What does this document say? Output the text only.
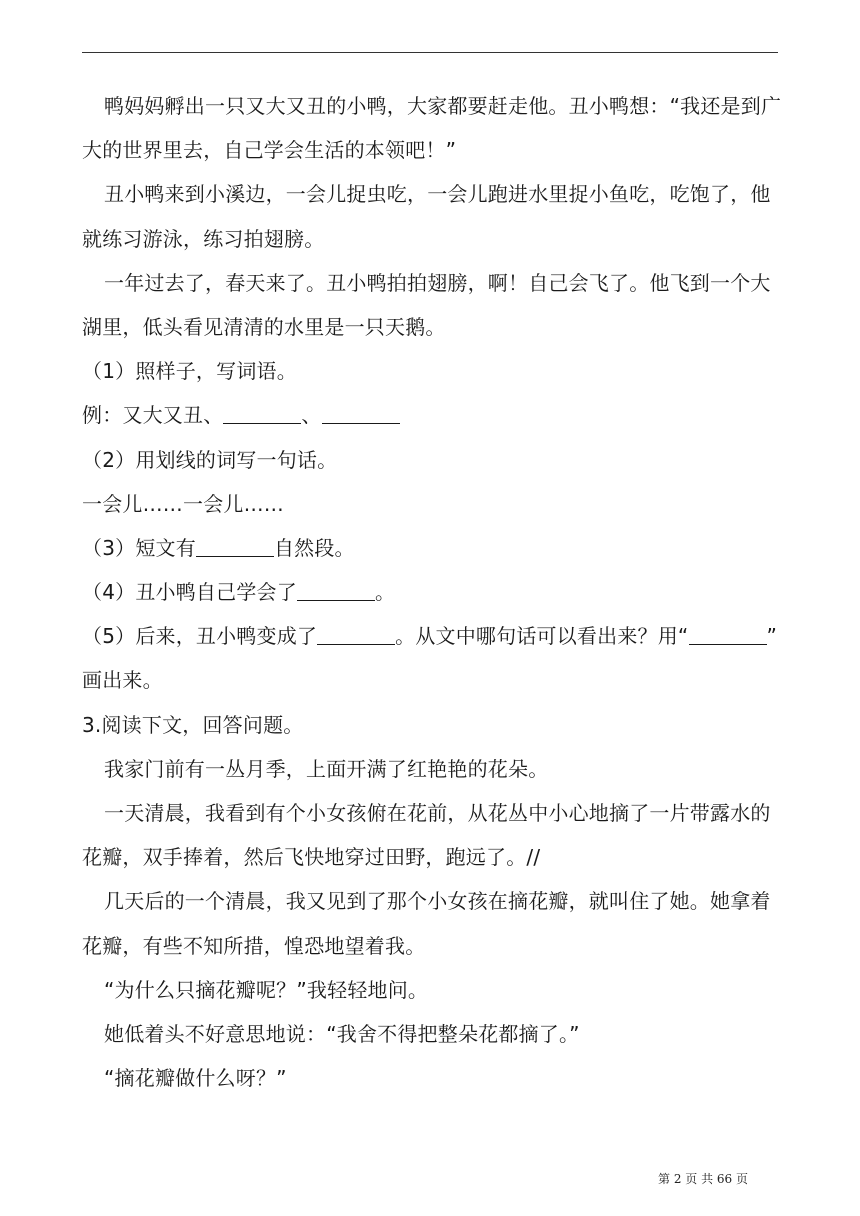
鸭妈妈孵出一只又大又丑的小鸭，大家都要赶走他。丑小鸭想：“我还是到广
大的世界里去，自己学会生活的本领吧！”
丑小鸭来到小溪边，一会儿捉虫吃，一会儿跑进水里捉小鱼吃，吃饱了，他
就练习游泳，练习拍翅膀。
一年过去了，春天来了。丑小鸭拍拍翅膀，啊！自己会飞了。他飞到一个大
湖里，低头看见清清的水里是一只天鹅。
（1）照样子，写词语。
例：又大又丑、	、
（2）用划线的词写一句话。
一会儿……一会儿……
（3）短文有	自然段。
（4）丑小鸭自己学会了	。
（5）后来，丑小鸭变成了	。从文中哪句话可以看出来？用“	”
画出来。
3.阅读下文，回答问题。
我家门前有一丛月季，上面开满了红艳艳的花朵。
一天清晨，我看到有个小女孩俯在花前，从花丛中小心地摘了一片带露水的
花瓣，双手捧着，然后飞快地穿过田野，跑远了。//
几天后的一个清晨，我又见到了那个小女孩在摘花瓣，就叫住了她。她拿着
花瓣，有些不知所措，惶恐地望着我。
“为什么只摘花瓣呢？”我轻轻地问。
她低着头不好意思地说：“我舍不得把整朵花都摘了。”
“摘花瓣做什么呀？”
第 2 页 共 66 页
